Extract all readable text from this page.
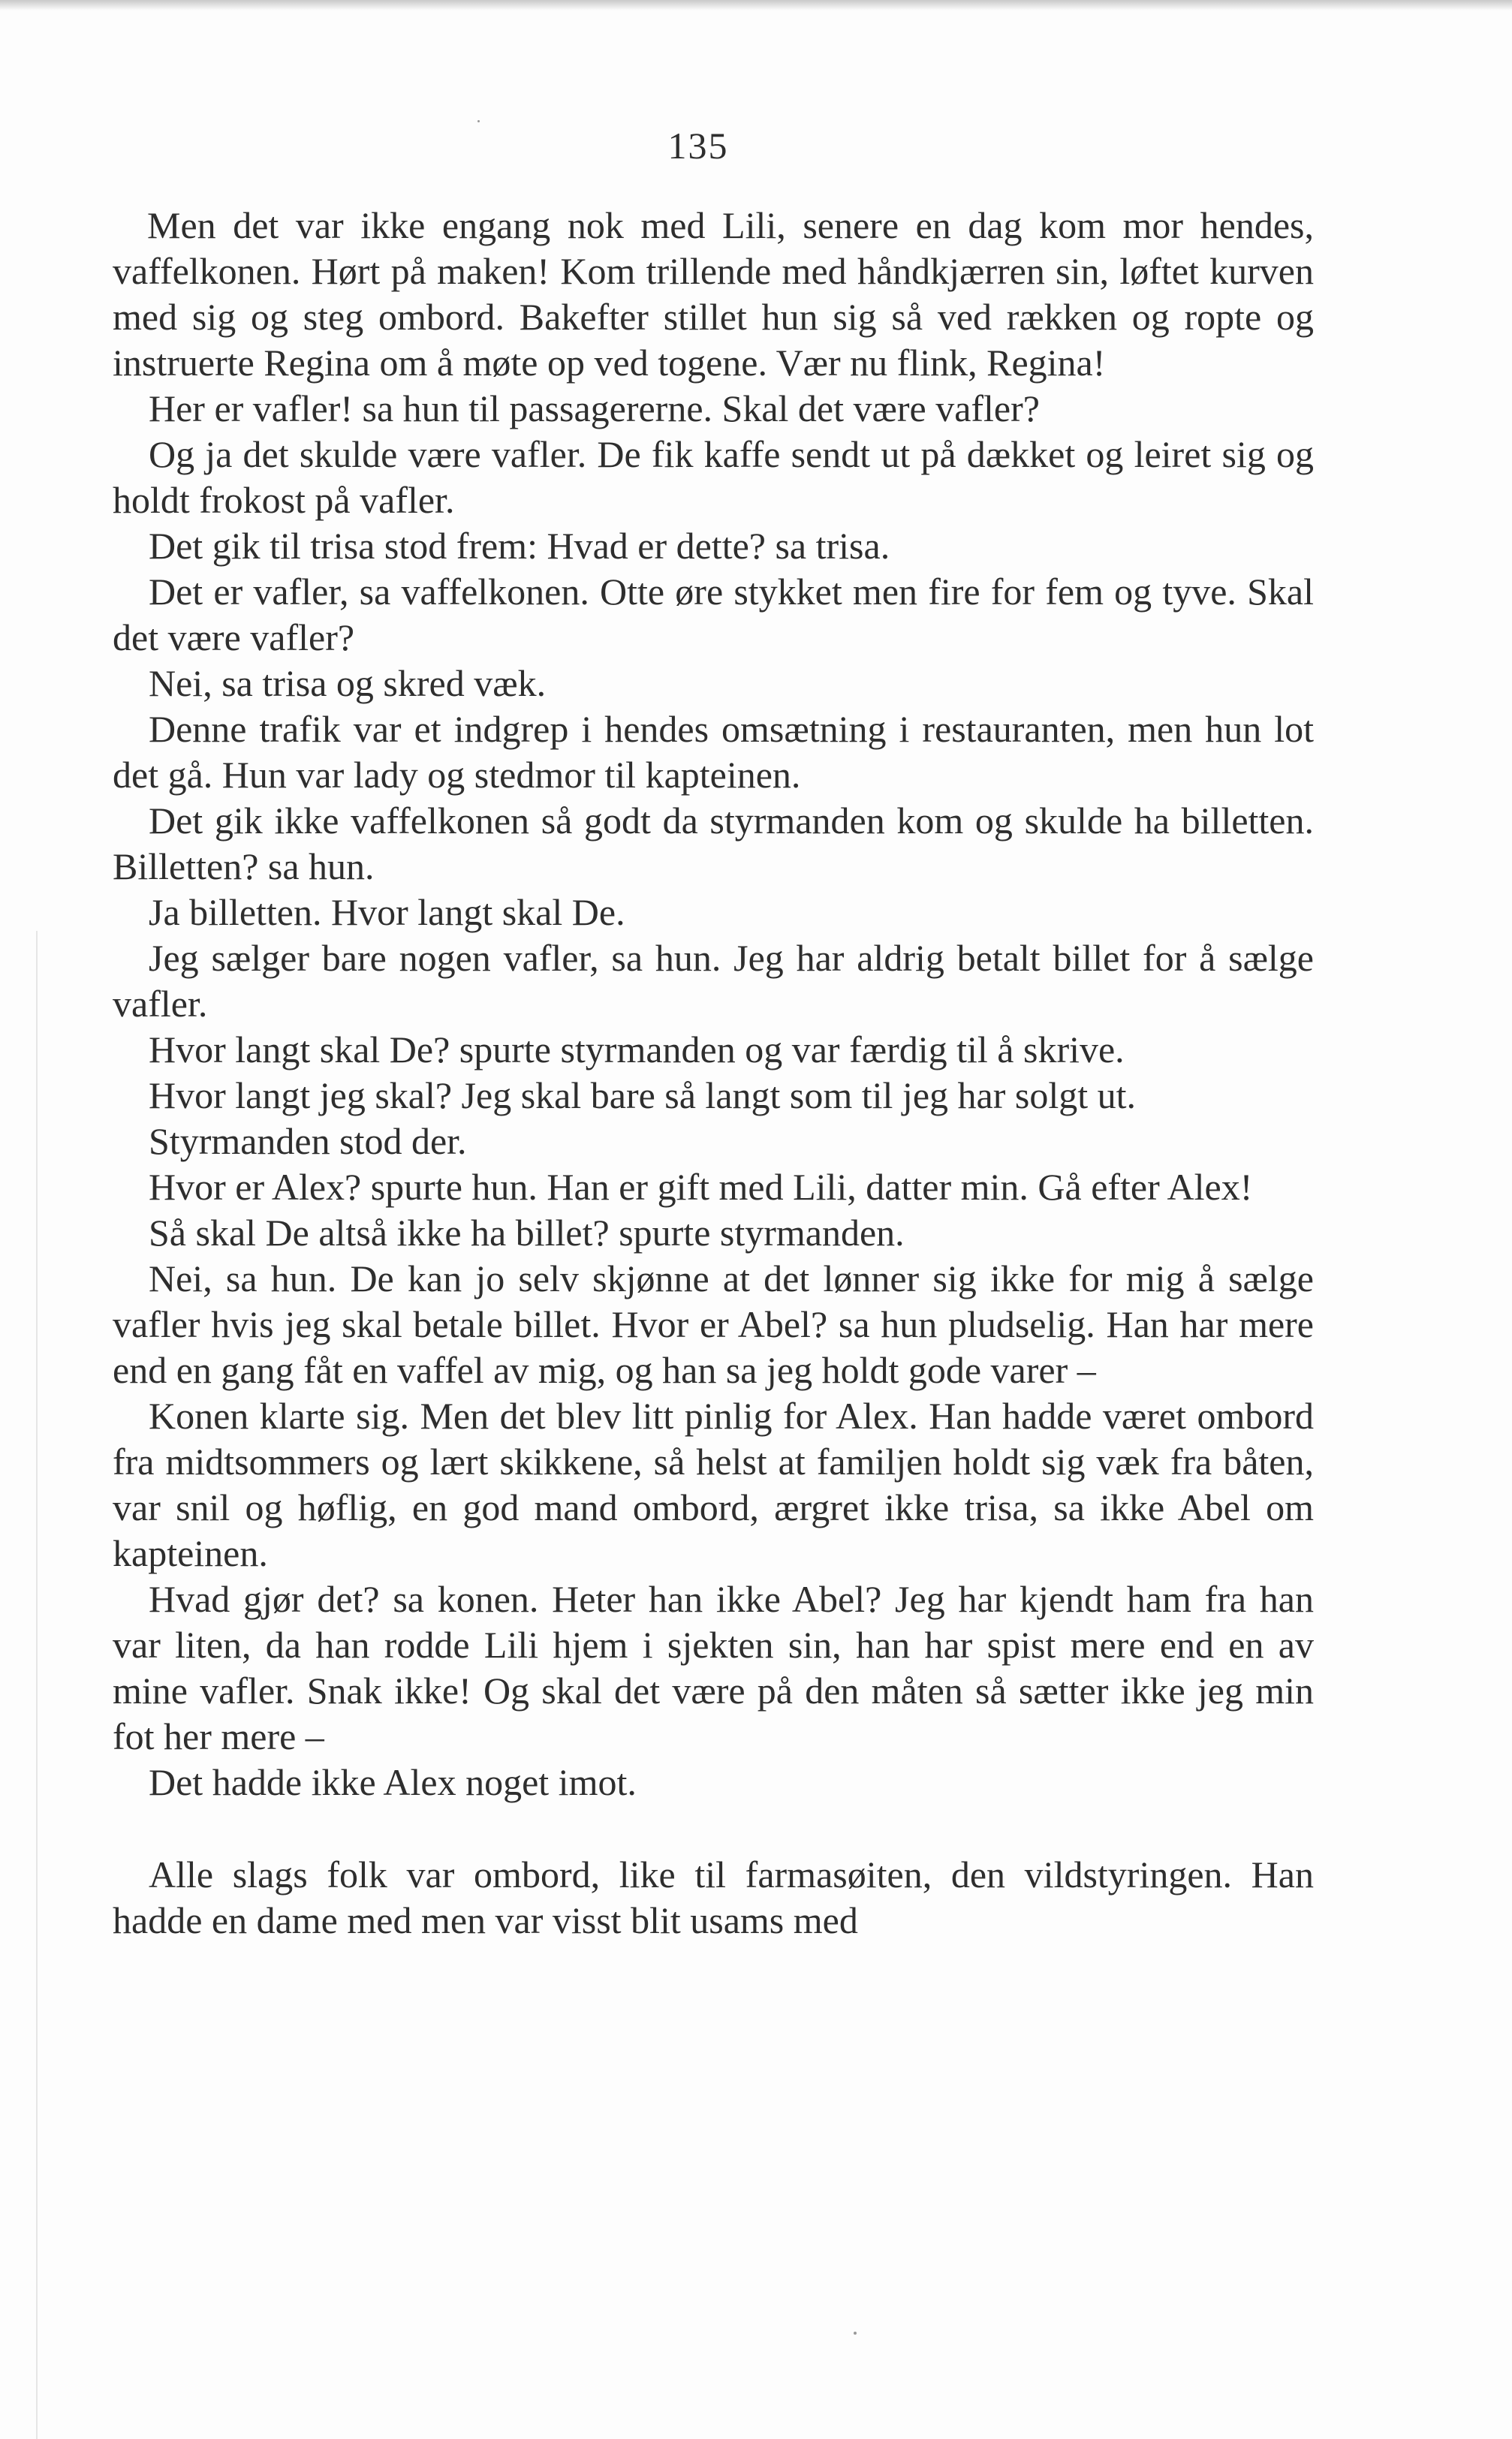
135

Men det var ikke engang nok med Lili, senere en dag kom mor hendes, vaffelkonen. Hørt på maken! Kom trillende med håndkjærren sin, løftet kurven med sig og steg ombord. Bakefter stillet hun sig så ved rækken og ropte og instruerte Regina om å møte op ved togene. Vær nu flink, Regina!

Her er vafler! sa hun til passagererne. Skal det være vafler?

Og ja det skulde være vafler. De fik kaffe sendt ut på dækket og leiret sig og holdt frokost på vafler.

Det gik til trisa stod frem: Hvad er dette? sa trisa.

Det er vafler, sa vaffelkonen. Otte øre stykket men fire for fem og tyve. Skal det være vafler?

Nei, sa trisa og skred væk.

Denne trafik var et indgrep i hendes omsætning i restauranten, men hun lot det gå. Hun var lady og stedmor til kapteinen.

Det gik ikke vaffelkonen så godt da styrmanden kom og skulde ha billetten. Billetten? sa hun.

Ja billetten. Hvor langt skal De.

Jeg sælger bare nogen vafler, sa hun. Jeg har aldrig betalt billet for å sælge vafler.

Hvor langt skal De? spurte styrmanden og var færdig til å skrive.

Hvor langt jeg skal? Jeg skal bare så langt som til jeg har solgt ut.

Styrmanden stod der.

Hvor er Alex? spurte hun. Han er gift med Lili, datter min. Gå efter Alex!

Så skal De altså ikke ha billet? spurte styrmanden.

Nei, sa hun. De kan jo selv skjønne at det lønner sig ikke for mig å sælge vafler hvis jeg skal betale billet. Hvor er Abel? sa hun pludselig. Han har mere end en gang fåt en vaffel av mig, og han sa jeg holdt gode varer –

Konen klarte sig. Men det blev litt pinlig for Alex. Han hadde været ombord fra midtsommers og lært skikkene, så helst at familjen holdt sig væk fra båten, var snil og høflig, en god mand ombord, ærgret ikke trisa, sa ikke Abel om kapteinen.

Hvad gjør det? sa konen. Heter han ikke Abel? Jeg har kjendt ham fra han var liten, da han rodde Lili hjem i sjekten sin, han har spist mere end en av mine vafler. Snak ikke! Og skal det være på den måten så sætter ikke jeg min fot her mere –

Det hadde ikke Alex noget imot.

Alle slags folk var ombord, like til farmasøiten, den vildstyringen. Han hadde en dame med men var visst blit usams med
